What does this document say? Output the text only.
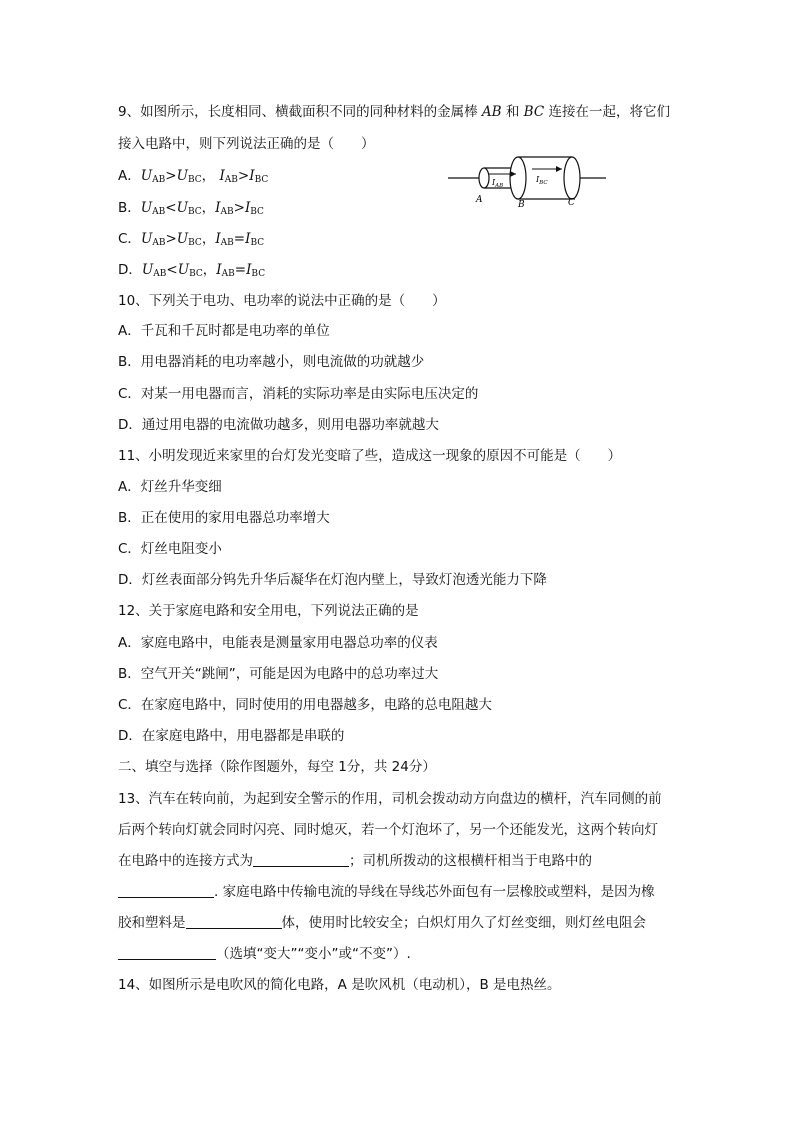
9、如图所示，长度相同、横截面积不同的同种材料的金属棒 AB 和 BC 连接在一起，将它们
接入电路中，则下列说法正确的是（　　）
A．$U_{AB}>U_{BC}$， $I_{AB}>I_{BC}$
B．$U_{AB}<U_{BC}$，$I_{AB}>I_{BC}$
C．$U_{AB}>U_{BC}$，$I_{AB}=I_{BC}$
D．$U_{AB}<U_{BC}$，$I_{AB}=I_{BC}$
$I_{AB}$
$I_{BC}$
A	B	C
10、下列关于电功、电功率的说法中正确的是（　　）
A．千瓦和千瓦时都是电功率的单位
B．用电器消耗的电功率越小，则电流做的功就越少
C．对某一用电器而言，消耗的实际功率是由实际电压决定的
D．通过用电器的电流做功越多，则用电器功率就越大
11、小明发现近来家里的台灯发光变暗了些，造成这一现象的原因不可能是（　　）
A．灯丝升华变细
B．正在使用的家用电器总功率增大
C．灯丝电阻变小
D．灯丝表面部分钨先升华后凝华在灯泡内壁上，导致灯泡透光能力下降
12、关于家庭电路和安全用电，下列说法正确的是
A．家庭电路中，电能表是测量家用电器总功率的仪表
B．空气开关“跳闸”，可能是因为电路中的总功率过大
C．在家庭电路中，同时使用的用电器越多，电路的总电阻越大
D．在家庭电路中，用电器都是串联的
二、填空与选择（除作图题外，每空 1分，共 24分）
13、汽车在转向前，为起到安全警示的作用，司机会拨动动方向盘边的横杆，汽车同侧的前
后两个转向灯就会同时闪亮、同时熄灭，若一个灯泡坏了，另一个还能发光，这两个转向灯
在电路中的连接方式为	；司机所拨动的这根横杆相当于电路中的
. 家庭电路中传输电流的导线在导线芯外面包有一层橡胶或塑料，是因为橡
胶和塑料是	体，使用时比较安全；白炽灯用久了灯丝变细，则灯丝电阻会
（选填“变大”“变小”或“不变”）.
14、如图所示是电吹风的简化电路，A 是吹风机（电动机），B 是电热丝。
